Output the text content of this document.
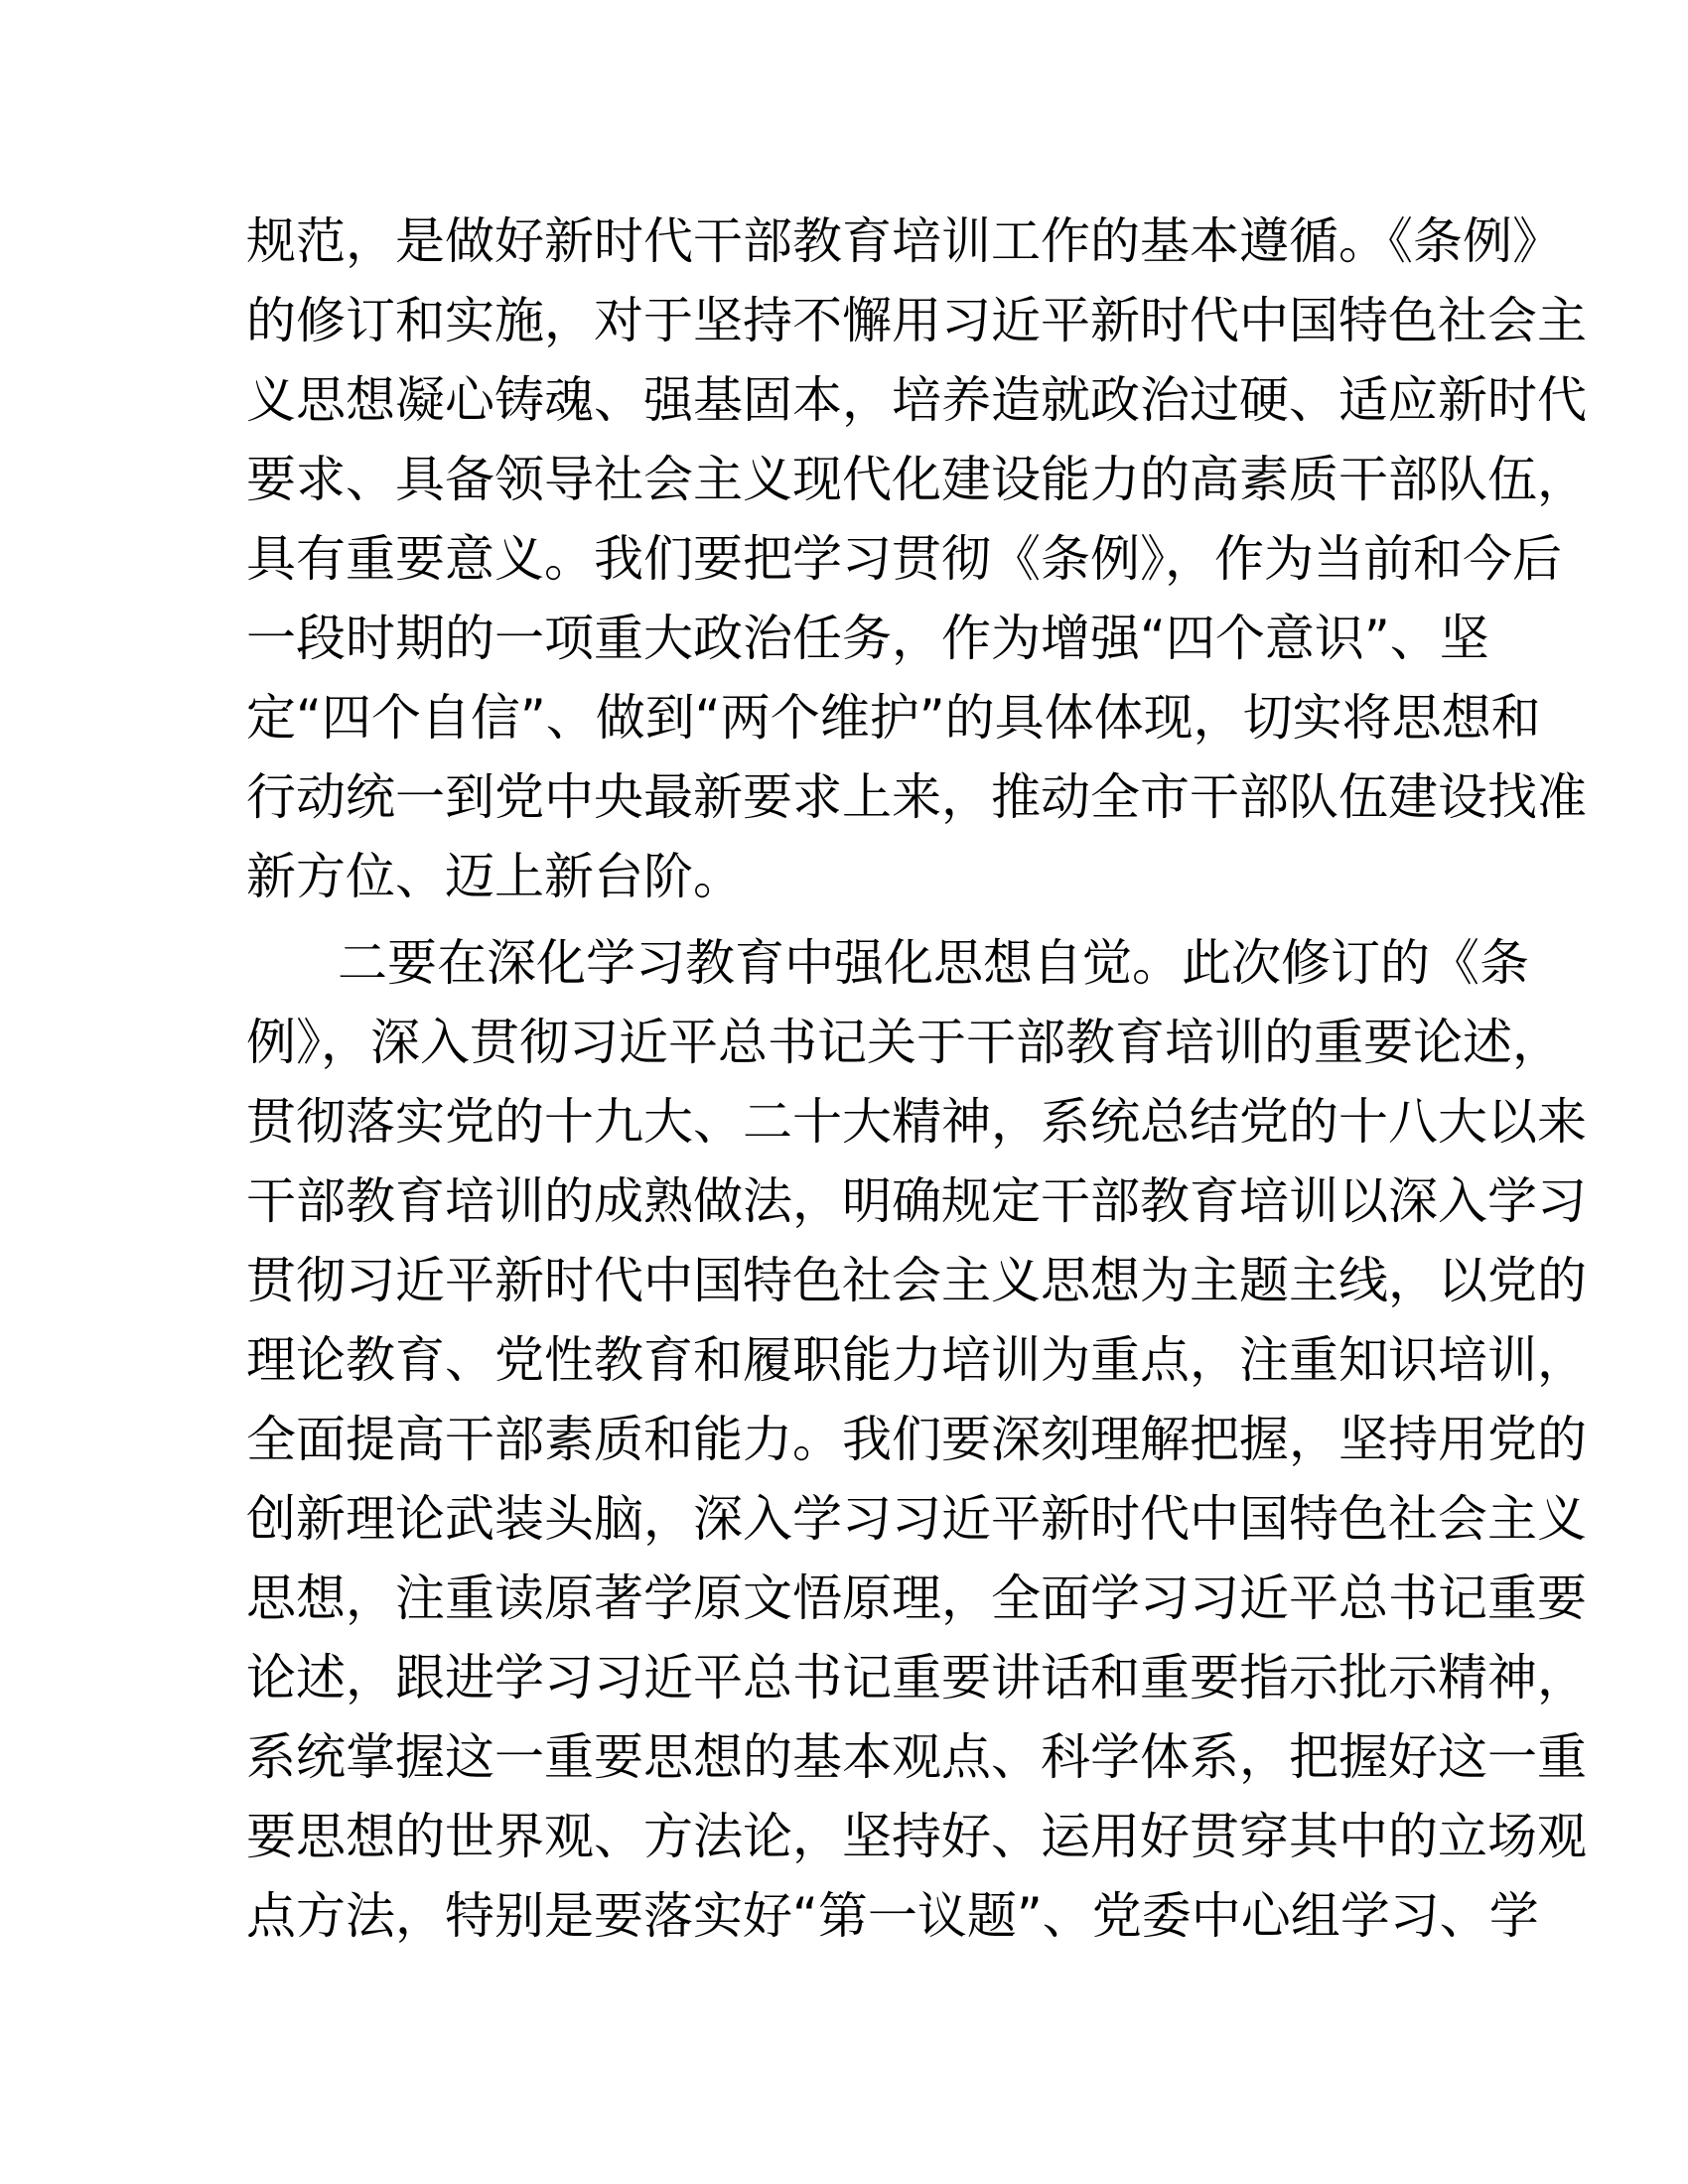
规范，是做好新时代干部教育培训工作的基本遵循。《条例》
的修订和实施，对于坚持不懈用习近平新时代中国特色社会主
义思想凝心铸魂、强基固本，培养造就政治过硬、适应新时代
要求、具备领导社会主义现代化建设能力的高素质干部队伍，
具有重要意义。我们要把学习贯彻《条例》，作为当前和今后
一段时期的一项重大政治任务，作为增强“四个意识”、坚
定“四个自信”、做到“两个维护”的具体体现，切实将思想和
行动统一到党中央最新要求上来，推动全市干部队伍建设找准
新方位、迈上新台阶。
二要在深化学习教育中强化思想自觉。此次修订的《条
例》，深入贯彻习近平总书记关于干部教育培训的重要论述，
贯彻落实党的十九大、二十大精神，系统总结党的十八大以来
干部教育培训的成熟做法，明确规定干部教育培训以深入学习
贯彻习近平新时代中国特色社会主义思想为主题主线，以党的
理论教育、党性教育和履职能力培训为重点，注重知识培训，
全面提高干部素质和能力。我们要深刻理解把握，坚持用党的
创新理论武装头脑，深入学习习近平新时代中国特色社会主义
思想，注重读原著学原文悟原理，全面学习习近平总书记重要
论述，跟进学习习近平总书记重要讲话和重要指示批示精神，
系统掌握这一重要思想的基本观点、科学体系，把握好这一重
要思想的世界观、方法论，坚持好、运用好贯穿其中的立场观
点方法，特别是要落实好“第一议题”、党委中心组学习、学
